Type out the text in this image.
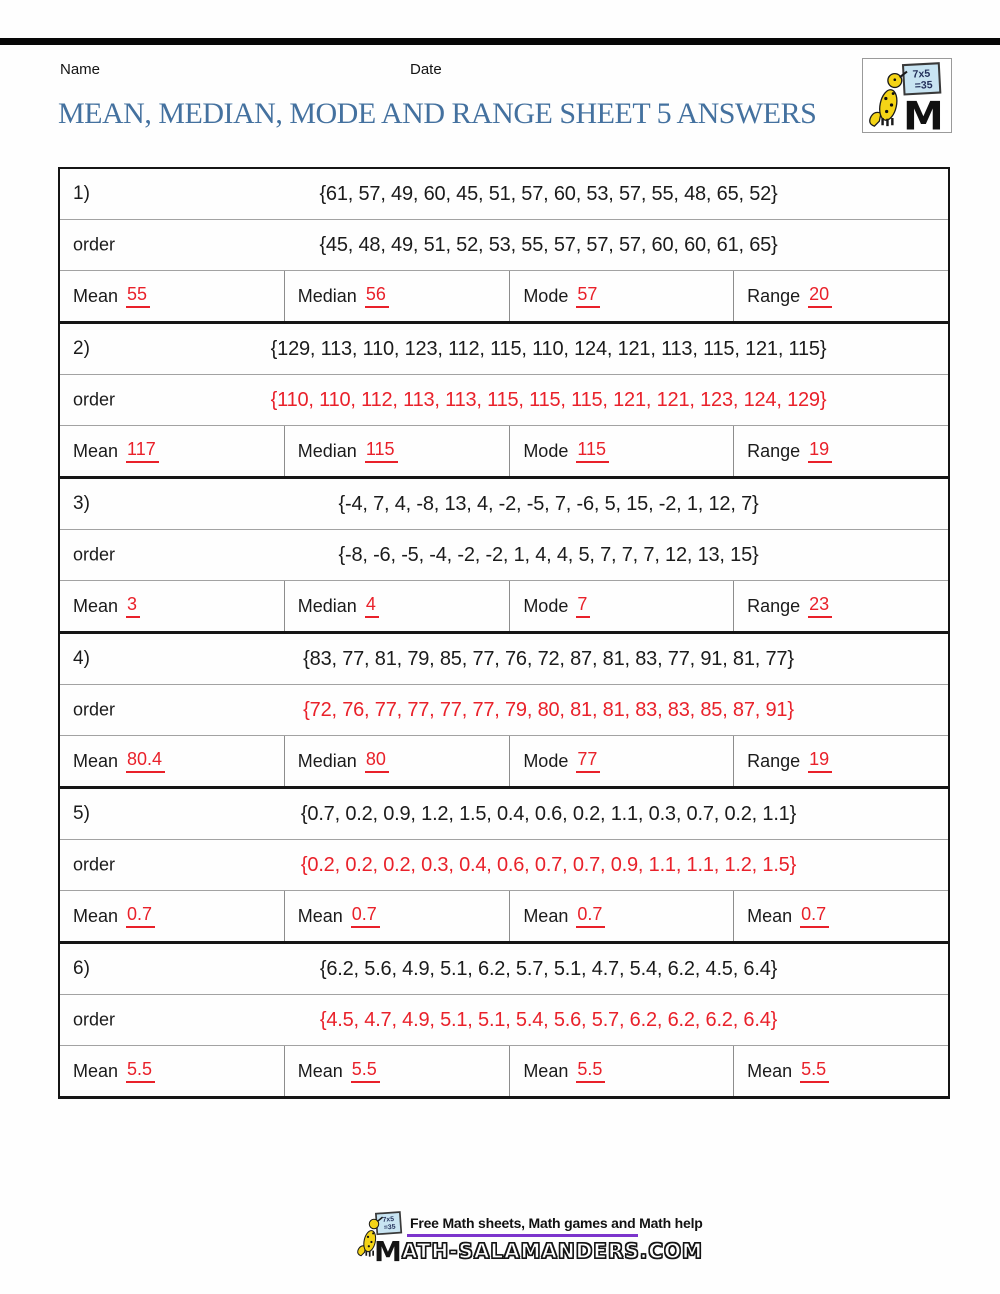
Name	Date	7x5
=35
M
MEAN, MEDIAN, MODE AND RANGE SHEET 5 ANSWERS
1)	{61, 57, 49, 60, 45, 51, 57, 60, 53, 57, 55, 48, 65, 52}
order	{45, 48, 49, 51, 52, 53, 55, 57, 57, 57, 60, 60, 61, 65}
Mean 55	Median 56	Mode 57	Range 20
2)	{129, 113, 110, 123, 112, 115, 110, 124, 121, 113, 115, 121, 115}
order	{110, 110, 112, 113, 113, 115, 115, 115, 121, 121, 123, 124, 129}
Mean 117	Median 115	Mode 115	Range 19
3)	{-4, 7, 4, -8, 13, 4, -2, -5, 7, -6, 5, 15, -2, 1, 12, 7}
order	{-8, -6, -5, -4, -2, -2, 1, 4, 4, 5, 7, 7, 7, 12, 13, 15}
Mean 3	Median 4	Mode 7	Range 23
4)	{83, 77, 81, 79, 85, 77, 76, 72, 87, 81, 83, 77, 91, 81, 77}
order	{72, 76, 77, 77, 77, 77, 79, 80, 81, 81, 83, 83, 85, 87, 91}
Mean 80.4	Median 80	Mode 77	Range 19
5)	{0.7, 0.2, 0.9, 1.2, 1.5, 0.4, 0.6, 0.2, 1.1, 0.3, 0.7, 0.2, 1.1}
order	{0.2, 0.2, 0.2, 0.3, 0.4, 0.6, 0.7, 0.7, 0.9, 1.1, 1.1, 1.2, 1.5}
Mean 0.7	Mean 0.7	Mean 0.7	Mean 0.7
6)	{6.2, 5.6, 4.9, 5.1, 6.2, 5.7, 5.1, 4.7, 5.4, 6.2, 4.5, 6.4}
order	{4.5, 4.7, 4.9, 5.1, 5.1, 5.4, 5.6, 5.7, 6.2, 6.2, 6.2, 6.4}
Mean 5.5	Mean 5.5	Mean 5.5	Mean 5.5
7x5
=35 Free Math sheets, Math games and Math help
MATH-SALAMANDERS.COM
